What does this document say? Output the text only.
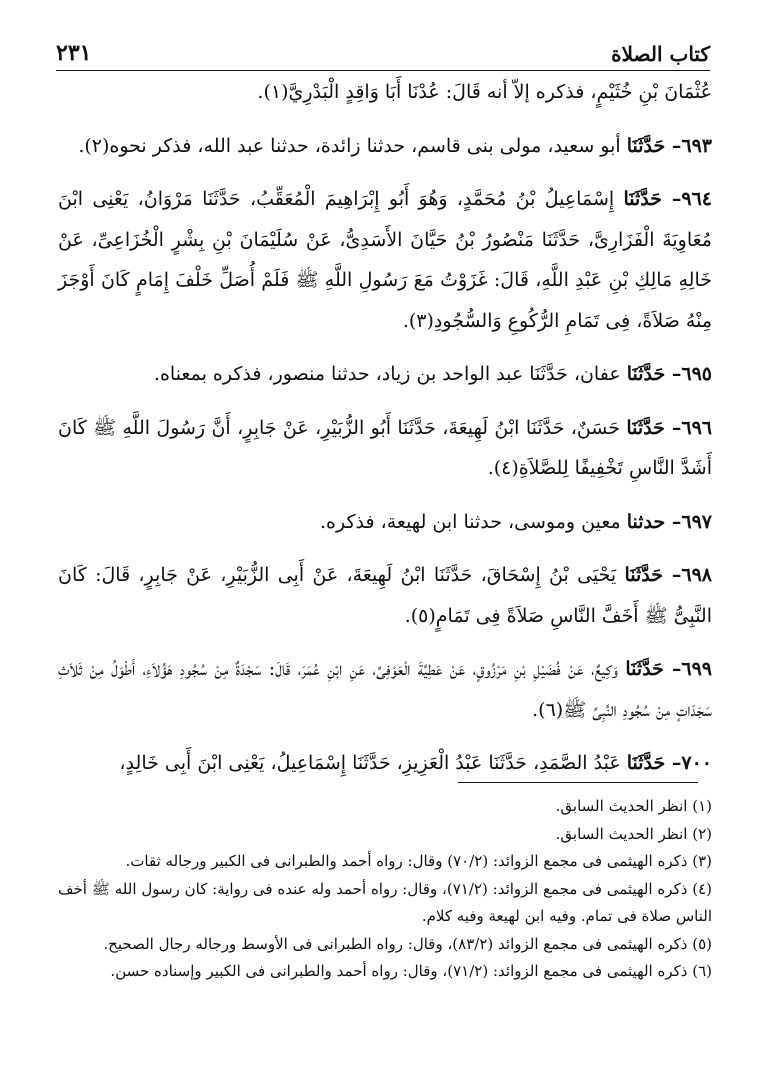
كتاب الصلاة
٢٣١

عُثْمَانَ بْنِ خُثَيْمٍ، فذكره إلاّ أنه قَالَ: عُدْنَا أَبَا وَاقِدٍ الْبَدْرِيَّ(١).

٦٩٣– حَدَّثَنَا أبو سعيد، مولى بنى قاسم، حدثنا زائدة، حدثنا عبد الله، فذكر نحوه(٢).

٩٦٤– حَدَّثَنَا إِسْمَاعِيلُ بْنُ مُحَمَّدٍ، وَهُوَ أَبُو إِبْرَاهِيمَ الْمُعَقِّبُ، حَدَّثَنَا مَرْوَانُ، يَعْنِى ابْنَ مُعَاوِيَةَ الْفَزَارِىَّ، حَدَّثَنَا مَنْصُورُ بْنُ حَيَّانَ الأَسَدِىُّ، عَنْ سُلَيْمَانَ بْنِ بِشْرٍ الْخُزَاعِىِّ، عَنْ خَالِهِ مَالِكِ بْنِ عَبْدِ اللَّهِ، قَالَ: غَزَوْتُ مَعَ رَسُولِ اللَّهِ ﷺ فَلَمْ أُصَلِّ خَلْفَ إِمَامٍ كَانَ أَوْجَزَ مِنْهُ صَلاَةً، فِى تَمَامِ الرُّكُوعِ وَالسُّجُودِ(٣).

٦٩٥– حَدَّثَنَا عفان، حَدَّثَنَا عبد الواحد بن زياد، حدثنا منصور، فذكره بمعناه.

٦٩٦– حَدَّثَنَا حَسَنٌ، حَدَّثَنَا ابْنُ لَهِيعَةَ، حَدَّثَنَا أَبُو الزُّبَيْرِ، عَنْ جَابِرٍ، أَنَّ رَسُولَ اللَّهِ ﷺ كَانَ أَشَدَّ النَّاسِ تَخْفِيفًا لِلصَّلاَةِ(٤).

٦٩٧– حدثنا معين وموسى، حدثنا ابن لهيعة، فذكره.

٦٩٨– حَدَّثَنَا يَحْيَى بْنُ إِسْحَاقَ، حَدَّثَنَا ابْنُ لَهِيعَةَ، عَنْ أَبِى الزُّبَيْرِ، عَنْ جَابِرٍ، قَالَ: كَانَ النَّبِىُّ ﷺ أَخَفَّ النَّاسِ صَلاَةً فِى تَمَامٍ(٥).

٦٩٩– حَدَّثَنَا وَكِيعٌ، عَنْ فُضَيْلِ بْنِ مَرْزُوقٍ، عَنْ عَطِيَّةَ الْعَوْفِىِّ، عَنِ ابْنِ عُمَرَ، قَالَ: سَجْدَةٌ مِنْ سُجُودِ هَؤُلاَءِ، أَطْوَلُ مِنْ ثَلاَثِ سَجَدَاتٍ مِنْ سُجُودِ النَّبِىِّ ﷺ(٦).

٧٠٠– حَدَّثَنَا عَبْدُ الصَّمَدِ، حَدَّثَنَا عَبْدُ الْعَزِيزِ، حَدَّثَنَا إِسْمَاعِيلُ، يَعْنِى ابْنَ أَبِى خَالِدٍ،

(١) انظر الحديث السابق.

(٢) انظر الحديث السابق.

(٣) ذكره الهيثمى فى مجمع الزوائد: (٧٠/٢) وقال: رواه أحمد والطبرانى فى الكبير ورجاله ثقات.

(٤) ذكره الهيثمى فى مجمع الزوائد: (٧١/٢)، وقال: رواه أحمد وله عنده فى رواية: كان رسول الله ﷺ أخف الناس صلاة فى تمام. وفيه ابن لهيعة وفيه كلام.

(٥) ذكره الهيثمى فى مجمع الزوائد (٨٣/٢)، وقال: رواه الطبرانى فى الأوسط ورجاله رجال الصحيح.

(٦) ذكره الهيثمى فى مجمع الزوائد: (٧١/٢)، وقال: رواه أحمد والطبرانى فى الكبير وإسناده حسن.
